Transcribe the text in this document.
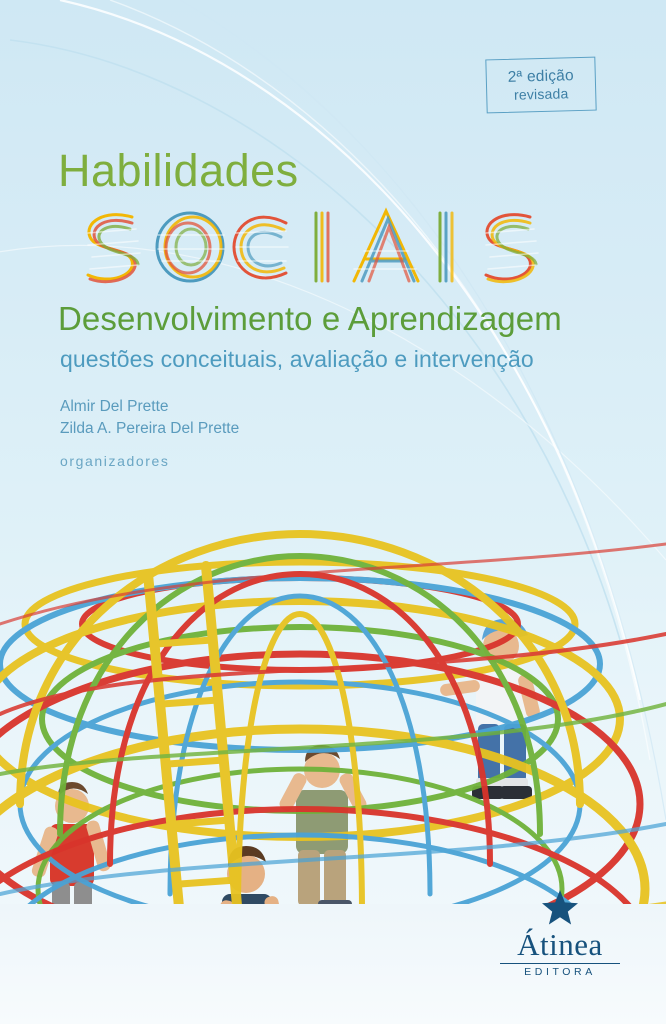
2ª edição
revisada
Habilidades

Desenvolvimento e Aprendizagem

questões conceituais, avaliação e intervenção

Almir Del Prette
Zilda A. Pereira Del Prette
organizadores
Átinea
EDITORA
